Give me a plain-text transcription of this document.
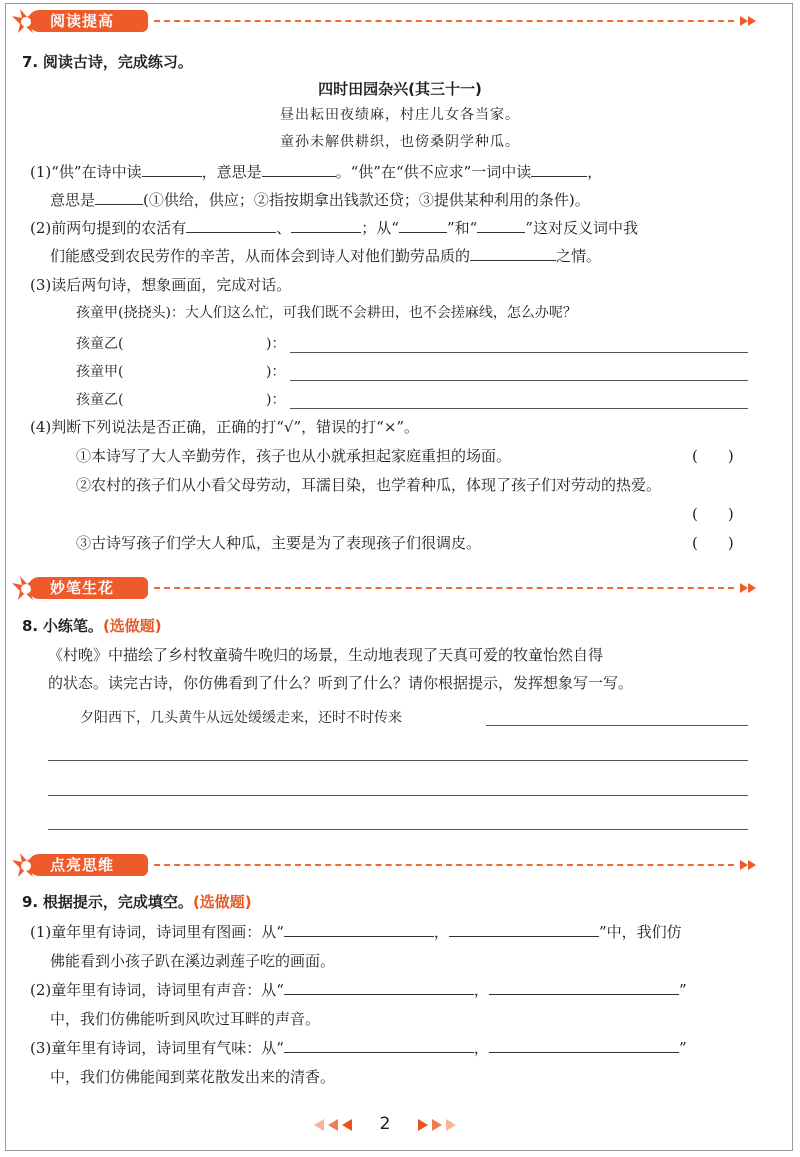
阅读提高
7. 阅读古诗，完成练习。
四时田园杂兴(其三十一)
昼出耘田夜绩麻，村庄儿女各当家。
童孙未解供耕织，也傍桑阴学种瓜。
(1)“供”在诗中读	，意思是	。“供”在“供不应求”一词中读	，
意思是	(①供给，供应；②指按期拿出钱款还贷；③提供某种利用的条件)。
(2)前两句提到的农活有	、	；从“	”和“	”这对反义词中我
们能感受到农民劳作的辛苦，从而体会到诗人对他们勤劳品质的	之情。
(3)读后两句诗，想象画面，完成对话。
孩童甲(挠挠头)：大人们这么忙，可我们既不会耕田，也不会搓麻线，怎么办呢？
孩童乙(	)：
孩童甲(	)：
孩童乙(	)：
(4)判断下列说法是否正确，正确的打“√”，错误的打“×”。
①本诗写了大人辛勤劳作，孩子也从小就承担起家庭重担的场面。	(　　)
②农村的孩子们从小看父母劳动，耳濡目染，也学着种瓜，体现了孩子们对劳动的热爱。
(　　)
③古诗写孩子们学大人种瓜，主要是为了表现孩子们很调皮。	(　　)
妙笔生花
8. 小练笔。(选做题)
《村晚》中描绘了乡村牧童骑牛晚归的场景，生动地表现了天真可爱的牧童怡然自得
的状态。读完古诗，你仿佛看到了什么？听到了什么？请你根据提示，发挥想象写一写。
夕阳西下，几头黄牛从远处缓缓走来，还时不时传来
点亮思维
9. 根据提示，完成填空。(选做题)
(1)童年里有诗词，诗词里有图画：从“	，	”中，我们仿
佛能看到小孩子趴在溪边剥莲子吃的画面。
(2)童年里有诗词，诗词里有声音：从“	，	”
中，我们仿佛能听到风吹过耳畔的声音。
(3)童年里有诗词，诗词里有气味：从“	，	”
中，我们仿佛能闻到菜花散发出来的清香。
2
